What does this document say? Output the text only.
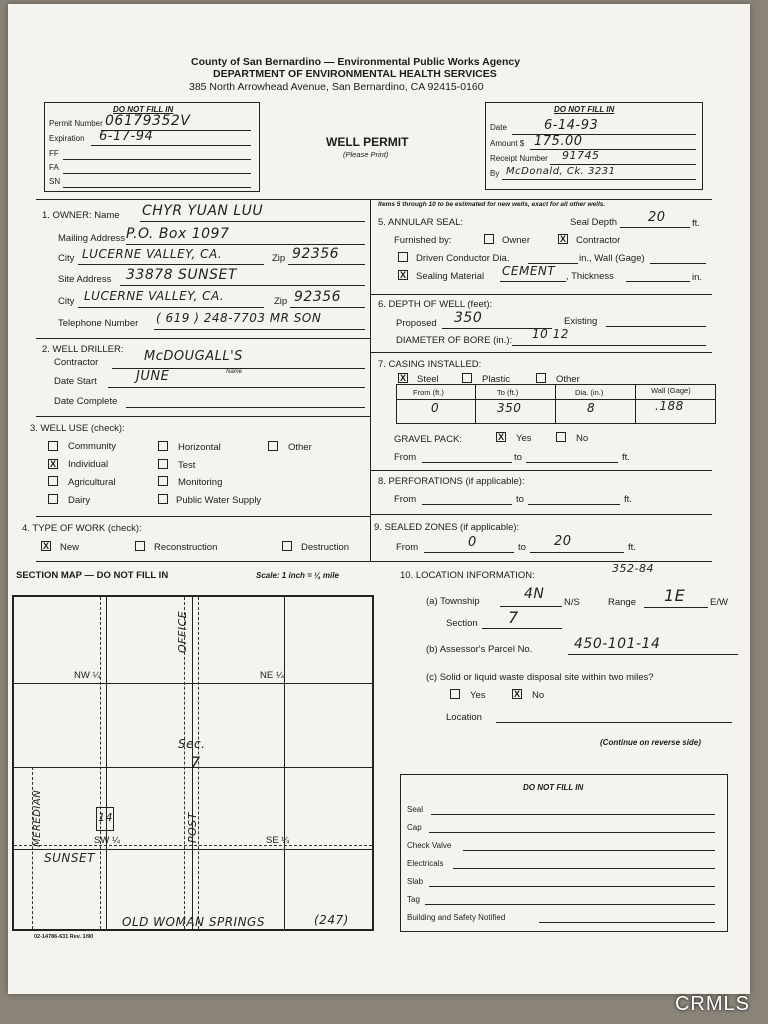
County of San Bernardino — Environmental Public Works Agency
DEPARTMENT OF ENVIRONMENTAL HEALTH SERVICES
385 North Arrowhead Avenue, San Bernardino, CA 92415-0160
WELL PERMIT
(Please Print)
DO NOT FILL IN
Permit Number 06179352V
Expiration 6-17-94
FF
FA
SN
DO NOT FILL IN
Date	6-14-93
Amount $ 175.00
Receipt Number 91745
By McDonald, Ck. 3231
1. OWNER: Name CHYR YUAN LUU
Mailing Address P.O. Box 1097
City LUCERNE VALLEY, CA.	Zip 92356
Site Address 33878 SUNSET
City LUCERNE VALLEY, CA.	Zip 92356
Telephone Number ( 619 ) 248-7703 MR SON
2. WELL DRILLER:
Contractor	McDOUGALL'S
Name
Date Start	JUNE
Date Complete
3. WELL USE (check):
Community	Horizontal	Other
X Individual	Test
Agricultural	Monitoring
Dairy	Public Water Supply
4. TYPE OF WORK (check):
X New	Reconstruction	Destruction
Items 5 through 10 to be estimated for new wells, exact for all other wells.
5. ANNULAR SEAL:	Seal Depth 20	ft.
Furnished by:	Owner	X Contractor
Driven Conductor Dia.	in., Wall (Gage)
X Sealing Material CEMENT , Thickness	in.
6. DEPTH OF WELL (feet):
Proposed 350	Existing
DIAMETER OF BORE (in.): 10 12
7. CASING INSTALLED:
X Steel	Plastic	Other
From (ft.)	To (ft.)	Dia. (in.)	Wall (Gage)
0	350	8	.188
GRAVEL PACK:	X Yes	No
From	to	ft.
8. PERFORATIONS (if applicable):
From	to	ft.
9. SEALED ZONES (if applicable):
From	0	to 20	ft.
SECTION MAP — DO NOT FILL IN	Scale: 1 inch = ¼ mile
NW ¼	NE ¼
SW ¼	SE ¼
OFFICE
Sec.
7
MEREDIAN
SUNSET
POST
14
OLD WOMAN SPRINGS	(247)
10. LOCATION INFORMATION:
352-84
(a) Township	4N
N/S	Range 1E	E/W
Section 7
(b) Assessor's Parcel No.	450-101-14
(c) Solid or liquid waste disposal site within two miles?
Yes	X No
Location
(Continue on reverse side)
DO NOT FILL IN
Seal
Cap
Check Valve
Electricals
Slab
Tag
Building and Safety Notified
02-14786-631 Rev. 1/90
CRMLS
